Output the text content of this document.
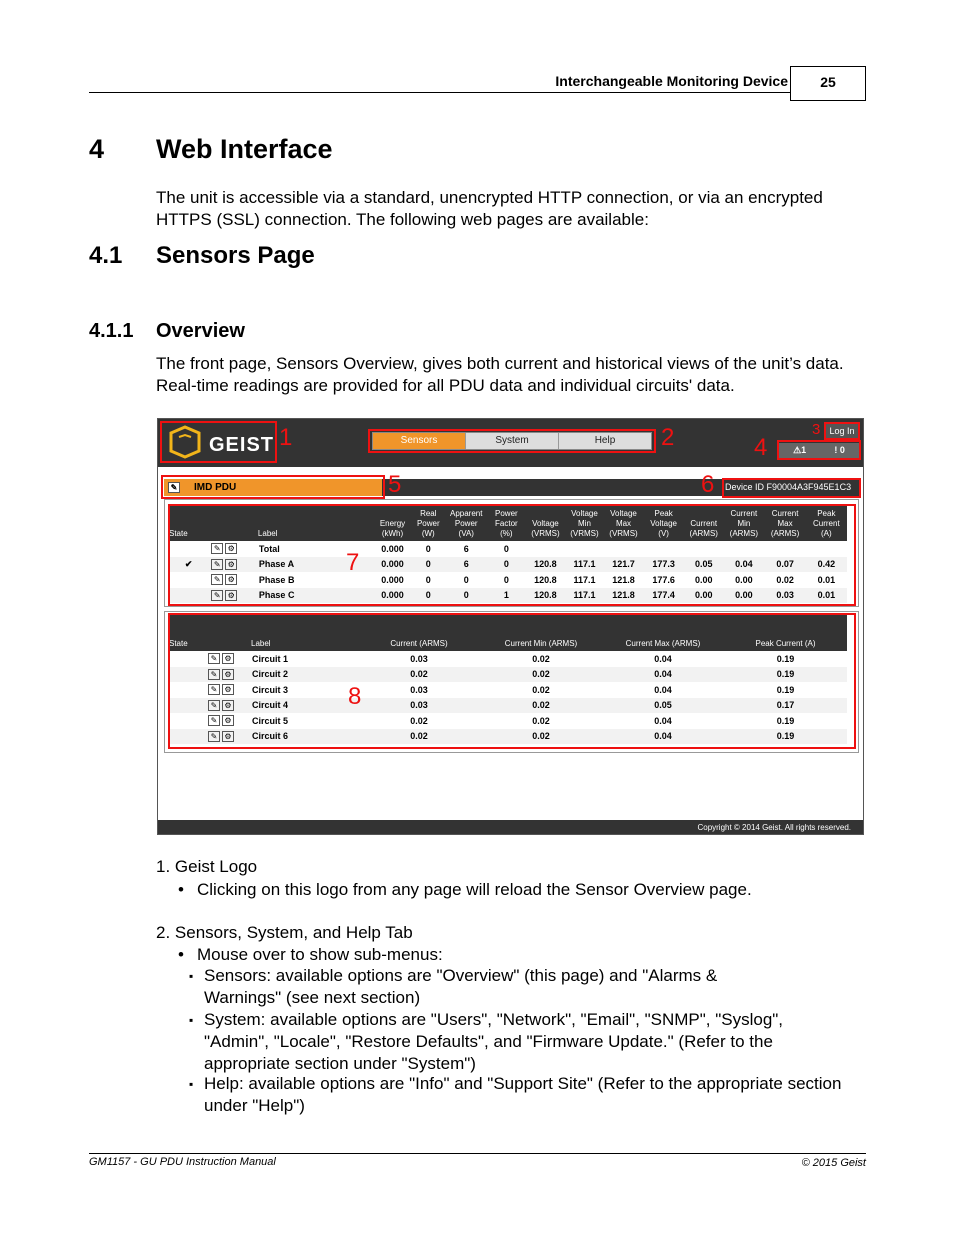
Interchangeable Monitoring Device	25
4 Web Interface
The unit is accessible via a standard, unencrypted HTTP connection, or via an encrypted HTTPS (SSL) connection. The following web pages are available:
4.1 Sensors Page
4.1.1 Overview
The front page, Sensors Overview, gives both current and historical views of the unit’s data. Real-time readings are provided for all PDU data and individual circuits' data.
GEIST	Sensors	System	Help
Log In
⚠1	! 0
✎ IMD PDU	Device ID F90004A3F945E1C3
State		Label	Energy (kWh)	Real Power (W)	Apparent Power (VA)	Power Factor (%)	Voltage (VRMS)	Voltage Min (VRMS)	Voltage Max (VRMS)	Peak Voltage (V)	Current (ARMS)	Current Min (ARMS)	Current Max (ARMS)	Peak Current (A)
	✎ ⚙	Total	0.000	0	6	0								
✔	✎ ⚙	Phase A	0.000	0	6	0	120.8	117.1	121.7	177.3	0.05	0.04	0.07	0.42
	✎ ⚙	Phase B	0.000	0	0	0	120.8	117.1	121.8	177.6	0.00	0.00	0.02	0.01
	✎ ⚙	Phase C	0.000	0	0	1	120.8	117.1	121.8	177.4	0.00	0.00	0.03	0.01
State		Label	Current (ARMS)	Current Min (ARMS)	Current Max (ARMS)	Peak Current (A)
	✎ ⚙	Circuit 1	0.03	0.02	0.04	0.19
	✎ ⚙	Circuit 2	0.02	0.02	0.04	0.19
	✎ ⚙	Circuit 3	0.03	0.02	0.04	0.19
	✎ ⚙	Circuit 4	0.03	0.02	0.05	0.17
	✎ ⚙	Circuit 5	0.02	0.02	0.04	0.19
	✎ ⚙	Circuit 6	0.02	0.02	0.04	0.19
Copyright © 2014 Geist. All rights reserved.
1	2	3
4
5	6
7
8
1. Geist Logo
• Clicking on this logo from any page will reload the Sensor Overview page.
2. Sensors, System, and Help Tab
• Mouse over to show sub-menus:
▪ Sensors: available options are "Overview" (this page) and "Alarms & Warnings" (see next section)
▪ System: available options are "Users", "Network", "Email", "SNMP", "Syslog", "Admin", "Locale", "Restore Defaults", and "Firmware Update." (Refer to the appropriate section under "System")
▪ Help: available options are "Info" and "Support Site" (Refer to the appropriate section under "Help")
GM1157 - GU PDU Instruction Manual	© 2015 Geist
